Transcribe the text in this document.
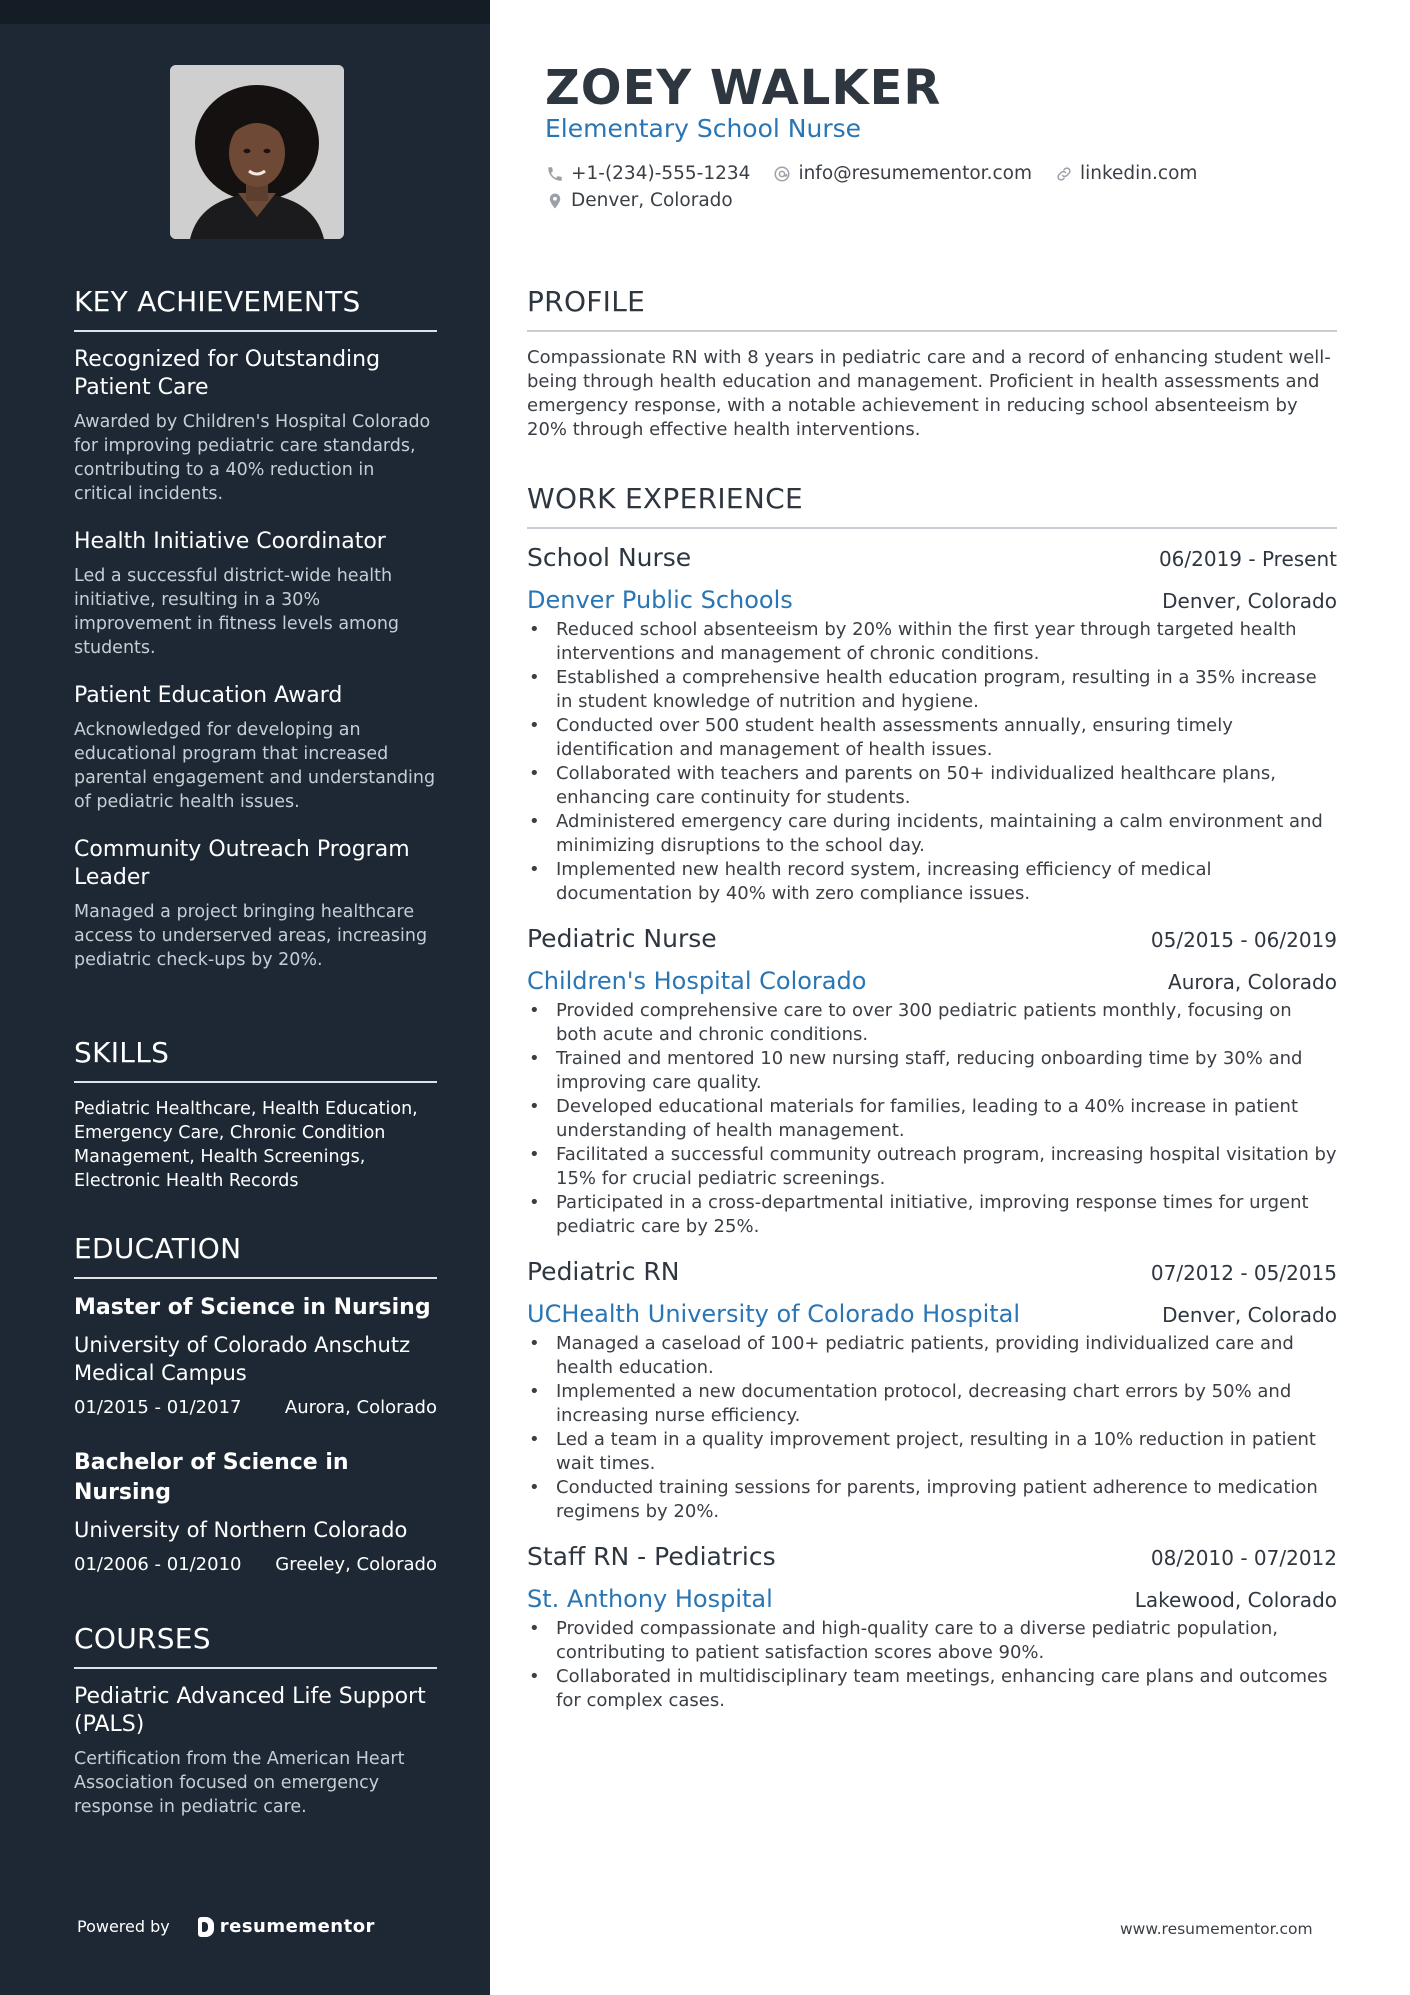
KEY ACHIEVEMENTS
Recognized for Outstanding Patient Care
Awarded by Children's Hospital Colorado for improving pediatric care standards, contributing to a 40% reduction in critical incidents.
Health Initiative Coordinator
Led a successful district-wide health initiative, resulting in a 30% improvement in fitness levels among students.
Patient Education Award
Acknowledged for developing an educational program that increased parental engagement and understanding of pediatric health issues.
Community Outreach Program Leader
Managed a project bringing healthcare access to underserved areas, increasing pediatric check-ups by 20%.
SKILLS
Pediatric Healthcare, Health Education, Emergency Care, Chronic Condition Management, Health Screenings, Electronic Health Records
EDUCATION
Master of Science in Nursing
University of Colorado Anschutz Medical Campus
01/2015 - 01/2017 Aurora, Colorado
Bachelor of Science in Nursing
University of Northern Colorado
01/2006 - 01/2010 Greeley, Colorado
COURSES
Pediatric Advanced Life Support (PALS)
Certification from the American Heart Association focused on emergency response in pediatric care.
Powered by	resumementor
ZOEY WALKER
Elementary School Nurse
+1-(234)-555-1234	info@resumementor.com	linkedin.com
Denver, Colorado
PROFILE
Compassionate RN with 8 years in pediatric care and a record of enhancing student well-being through health education and management. Proficient in health assessments and emergency response, with a notable achievement in reducing school absenteeism by 20% through effective health interventions.
WORK EXPERIENCE
School Nurse	06/2019 - Present
Denver Public Schools	Denver, Colorado
• Reduced school absenteeism by 20% within the first year through targeted health interventions and management of chronic conditions.
• Established a comprehensive health education program, resulting in a 35% increase in student knowledge of nutrition and hygiene.
• Conducted over 500 student health assessments annually, ensuring timely identification and management of health issues.
• Collaborated with teachers and parents on 50+ individualized healthcare plans, enhancing care continuity for students.
• Administered emergency care during incidents, maintaining a calm environment and minimizing disruptions to the school day.
• Implemented new health record system, increasing efficiency of medical documentation by 40% with zero compliance issues.
Pediatric Nurse	05/2015 - 06/2019
Children's Hospital Colorado	Aurora, Colorado
• Provided comprehensive care to over 300 pediatric patients monthly, focusing on both acute and chronic conditions.
• Trained and mentored 10 new nursing staff, reducing onboarding time by 30% and improving care quality.
• Developed educational materials for families, leading to a 40% increase in patient understanding of health management.
• Facilitated a successful community outreach program, increasing hospital visitation by 15% for crucial pediatric screenings.
• Participated in a cross-departmental initiative, improving response times for urgent pediatric care by 25%.
Pediatric RN	07/2012 - 05/2015
UCHealth University of Colorado Hospital	Denver, Colorado
• Managed a caseload of 100+ pediatric patients, providing individualized care and health education.
• Implemented a new documentation protocol, decreasing chart errors by 50% and increasing nurse efficiency.
• Led a team in a quality improvement project, resulting in a 10% reduction in patient wait times.
• Conducted training sessions for parents, improving patient adherence to medication regimens by 20%.
Staff RN - Pediatrics	08/2010 - 07/2012
St. Anthony Hospital	Lakewood, Colorado
• Provided compassionate and high-quality care to a diverse pediatric population, contributing to patient satisfaction scores above 90%.
• Collaborated in multidisciplinary team meetings, enhancing care plans and outcomes for complex cases.
www.resumementor.com
